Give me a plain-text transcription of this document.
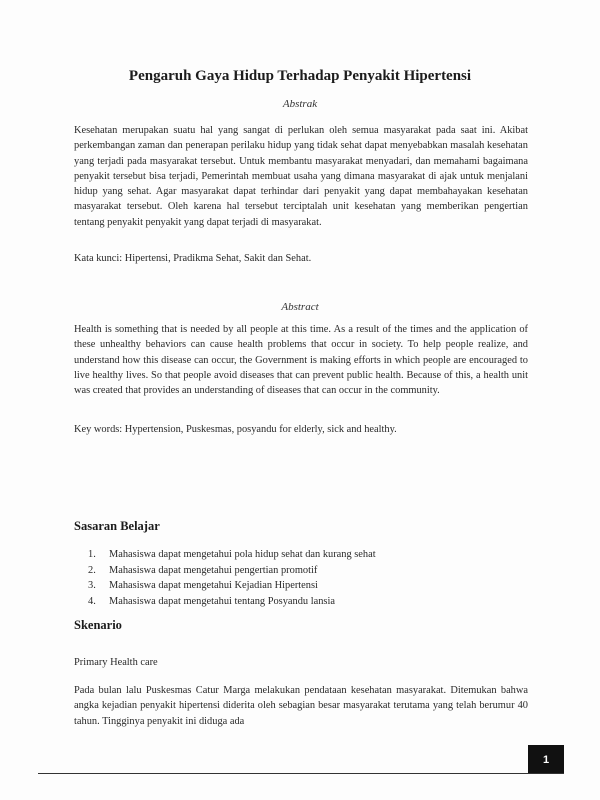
Pengaruh Gaya Hidup Terhadap Penyakit Hipertensi
Abstrak

Kesehatan merupakan suatu hal yang sangat di perlukan oleh semua masyarakat pada saat ini. Akibat perkembangan zaman dan penerapan perilaku hidup yang tidak sehat dapat menyebabkan masalah kesehatan yang terjadi pada masyarakat tersebut. Untuk membantu masyarakat menyadari, dan memahami bagaimana penyakit tersebut bisa terjadi, Pemerintah membuat usaha yang dimana masyarakat di ajak untuk menjalani hidup yang sehat. Agar masyarakat dapat terhindar dari penyakit yang dapat membahayakan kesehatan masyarakat tersebut. Oleh karena hal tersebut terciptalah unit kesehatan yang memberikan pengertian tentang penyakit penyakit yang dapat terjadi di masyarakat.

Kata kunci: Hipertensi, Pradikma Sehat, Sakit dan Sehat.

Abstract

Health is something that is needed by all people at this time. As a result of the times and the application of these unhealthy behaviors can cause health problems that occur in society. To help people realize, and understand how this disease can occur, the Government is making efforts in which people are encouraged to live healthy lives. So that people avoid diseases that can prevent public health. Because of this, a health unit was created that provides an understanding of diseases that can occur in the community.

Key words: Hypertension, Puskesmas, posyandu for elderly, sick and healthy.

Sasaran Belajar
1.	Mahasiswa dapat mengetahui pola hidup sehat dan kurang sehat
2.	Mahasiswa dapat mengetahui pengertian promotif
3.	Mahasiswa dapat mengetahui Kejadian Hipertensi
4.	Mahasiswa dapat mengetahui tentang Posyandu lansia
Skenario

Primary Health care

Pada bulan lalu Puskesmas Catur Marga melakukan pendataan kesehatan masyarakat. Ditemukan bahwa angka kejadian penyakit hipertensi diderita oleh sebagian besar masyarakat terutama yang telah berumur 40 tahun. Tingginya penyakit ini diduga ada

1
